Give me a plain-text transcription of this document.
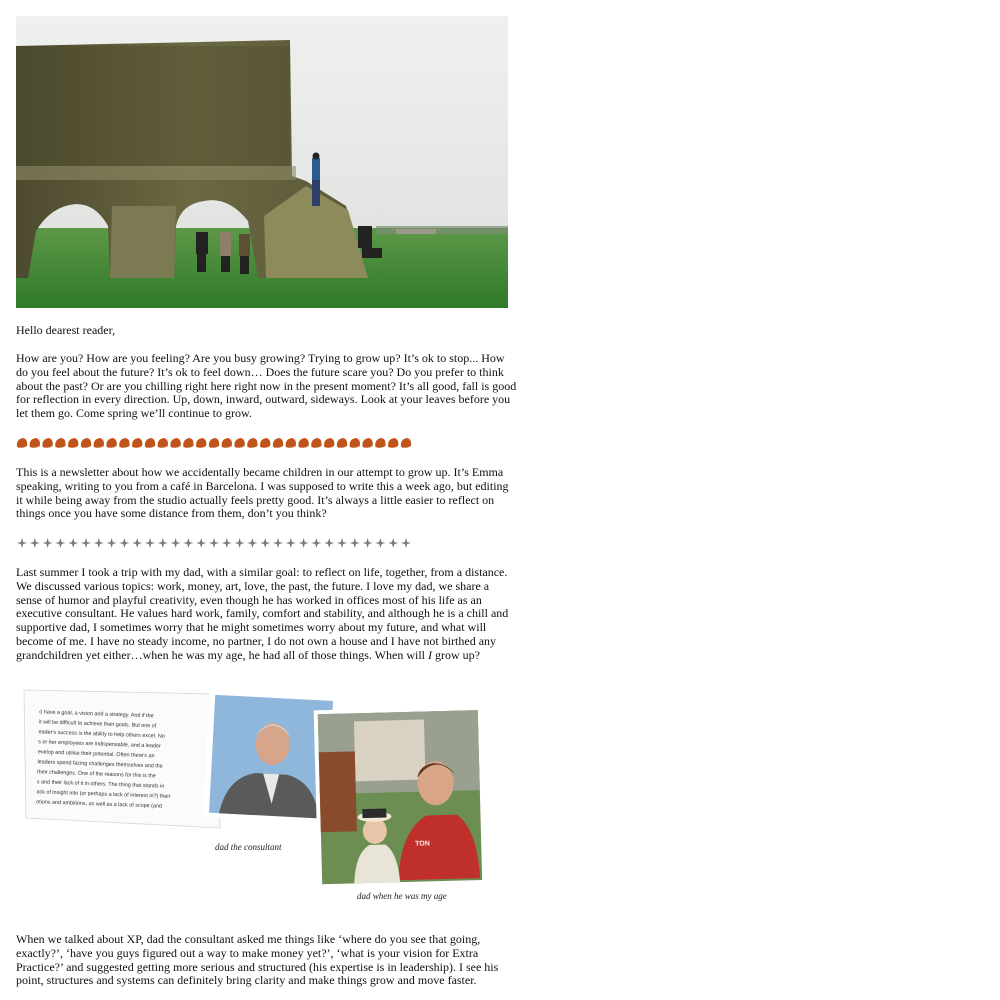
Hello dearest reader,

How are you? How are you feeling? Are you busy growing? Trying to grow up? It’s ok to stop... How do you feel about the future? It’s ok to feel down… Does the future scare you? Do you prefer to think about the past? Or are you chilling right here right now in the present moment? It’s all good, fall is good for reflection in every direction. Up, down, inward, outward, sideways. Look at your leaves before you let them go. Come spring we’ll continue to grow.

This is a newsletter about how we accidentally became children in our attempt to grow up. It’s Emma speaking, writing to you from a café in Barcelona. I was supposed to write this a week ago, but editing it while being away from the studio actually feels pretty good. It’s always a little easier to reflect on things once you have some distance from them, don’t you think?

Last summer I took a trip with my dad, with a similar goal: to reflect on life, together, from a distance.

We discussed various topics: work, money, art, love, the past, the future. I love my dad, we share a sense of humor and playful creativity, even though he has worked in offices most of his life as an executive consultant. He values hard work, family, comfort and stability, and although he is a chill and supportive dad, I sometimes worry that he might sometimes worry about my future, and what will become of me. I have no steady income, no partner, I do not own a house and I have not birthed any grandchildren yet either…when he was my age, he had all of those things. When will I grow up?

o have a goal, a vision and a strategy. And if the
it will be difficult to achieve their goals. But one of
eader's success is the ability to help others excel. No
s or her employees are indispensable, and a leader
evelop and utilise their potential. Often there's an
leaders spend facing challenges themselves and the
their challenges. One of the reasons for this is the
s and their lack of it in others. The thing that stands in
ack of insight into (or perhaps a lack of interest in?) their
otions and ambitions, as well as a lack of scope (and
TON
dad the consultant
dad when he was my age

When we talked about XP, dad the consultant asked me things like ‘where do you see that going, exactly?’, ‘have you guys figured out a way to make money yet?’, ‘what is your vision for Extra Practice?’ and suggested getting more serious and structured (his expertise is in leadership). I see his point, structures and systems can definitely bring clarity and make things grow and move faster.
